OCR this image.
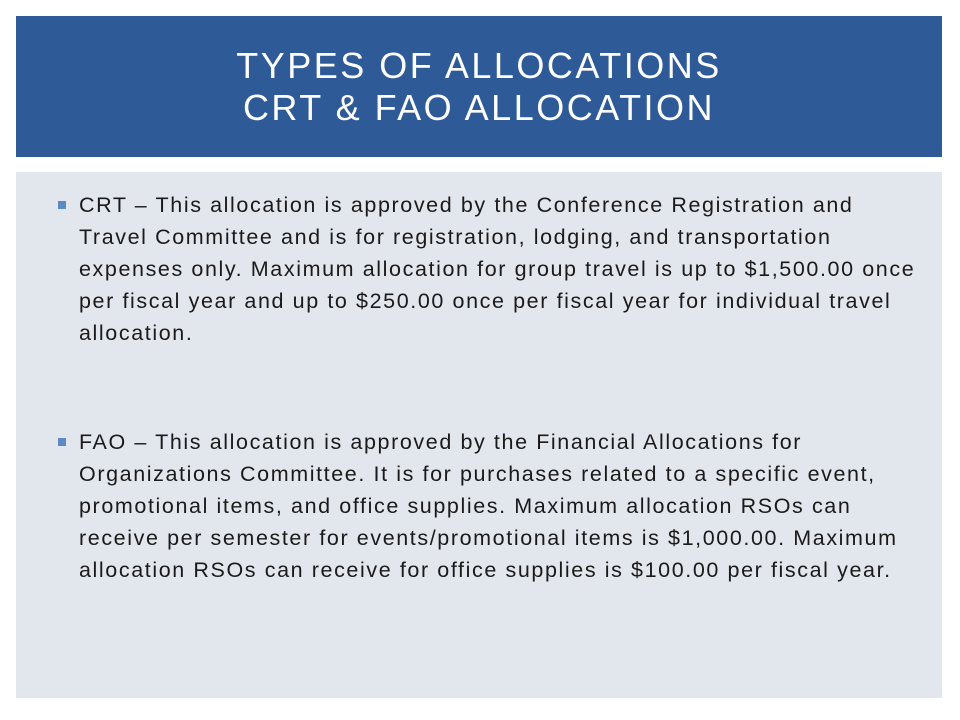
TYPES OF ALLOCATIONS
CRT & FAO ALLOCATION

CRT – This allocation is approved by the Conference Registration and Travel Committee and is for registration, lodging, and transportation expenses only. Maximum allocation for group travel is up to $1,500.00 once per fiscal year and up to $250.00 once per fiscal year for individual travel allocation.

FAO – This allocation is approved by the Financial Allocations for Organizations Committee. It is for purchases related to a specific event, promotional items, and office supplies. Maximum allocation RSOs can receive per semester for events/promotional items is $1,000.00. Maximum allocation RSOs can receive for office supplies is $100.00 per fiscal year.
